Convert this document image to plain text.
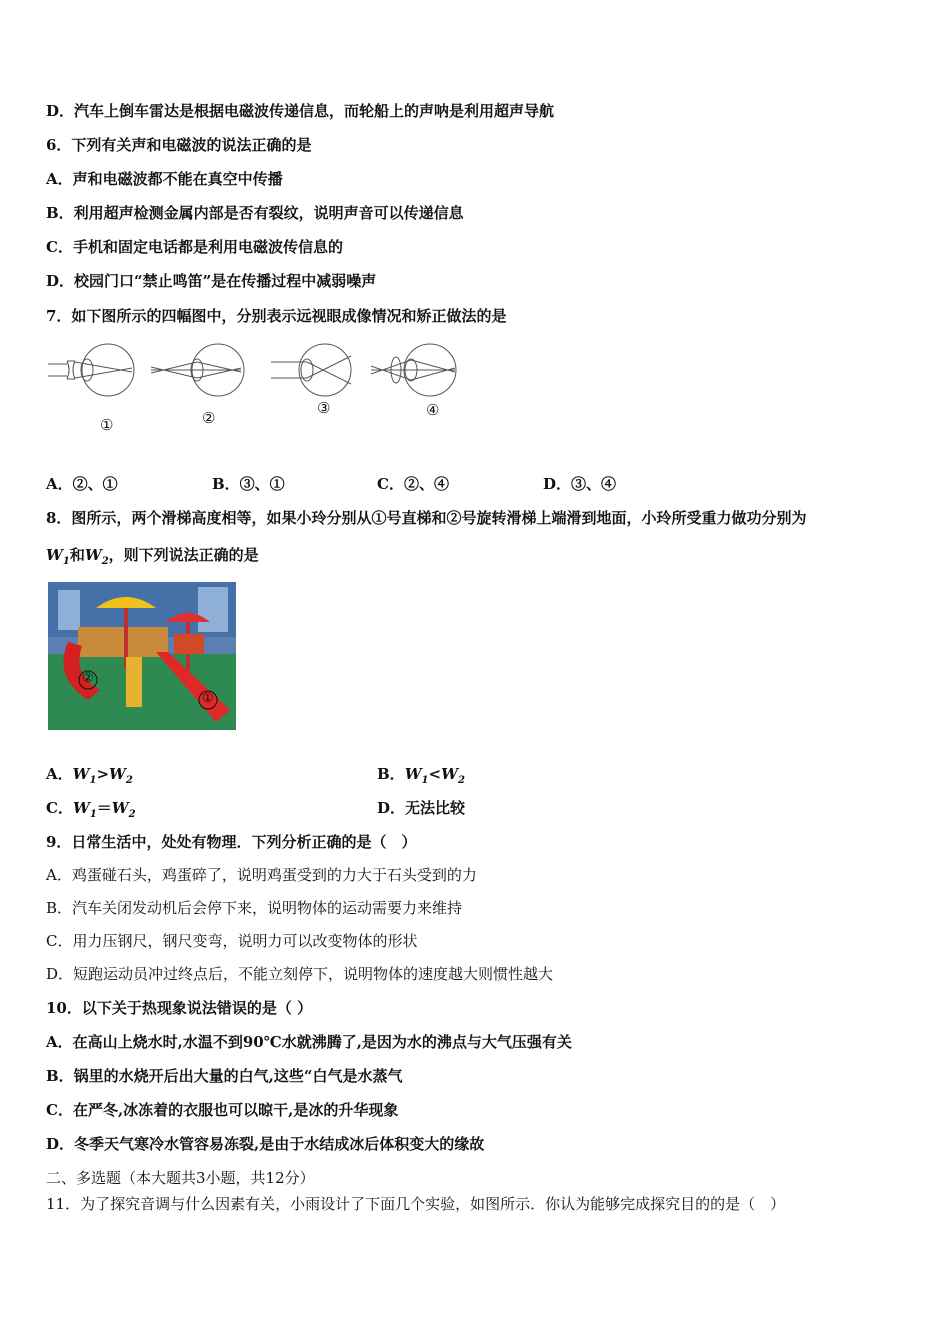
D．汽车上倒车雷达是根据电磁波传递信息，而轮船上的声呐是利用超声导航
6．下列有关声和电磁波的说法正确的是
A．声和电磁波都不能在真空中传播
B．利用超声检测金属内部是否有裂纹，说明声音可以传递信息
C．手机和固定电话都是利用电磁波传信息的
D．校园门口“禁止鸣笛”是在传播过程中减弱噪声
7．如下图所示的四幅图中，分别表示远视眼成像情况和矫正做法的是
①	②
③	④
A．②、①	B．③、①	C．②、④	D．③、④
8．图所示，两个滑梯高度相等，如果小玲分别从①号直梯和②号旋转滑梯上端滑到地面，小玲所受重力做功分别为
$W_1$和$W_2$，则下列说法正确的是
②
①
A．$W_1>W_2$	B．$W_1<W_2$
C．$W_1=W_2$	D．无法比较
9．日常生活中，处处有物理．下列分析正确的是（　）
A．鸡蛋碰石头，鸡蛋碎了，说明鸡蛋受到的力大于石头受到的力
B．汽车关闭发动机后会停下来，说明物体的运动需要力来维持
C．用力压钢尺，钢尺变弯，说明力可以改变物体的形状
D．短跑运动员冲过终点后，不能立刻停下，说明物体的速度越大则惯性越大
10．以下关于热现象说法错误的是（ ）
A．在高山上烧水时,水温不到90℃水就沸腾了,是因为水的沸点与大气压强有关
B．锅里的水烧开后出大量的白气,这些“白气是水蒸气
C．在严冬,冰冻着的衣服也可以晾干,是冰的升华现象
D．冬季天气寒冷水管容易冻裂,是由于水结成冰后体积变大的缘故
二、多选题（本大题共3小题，共12分）
11．为了探究音调与什么因素有关，小雨设计了下面几个实验，如图所示．你认为能够完成探究目的的是（　）
